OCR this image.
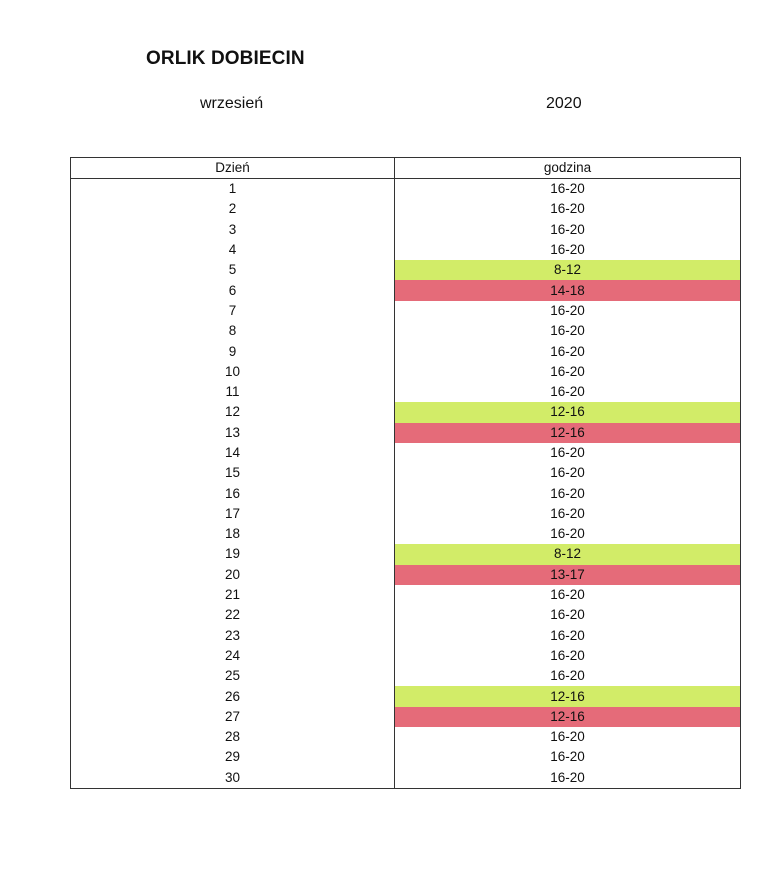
ORLIK DOBIECIN
wrzesień	2020
Dzień	godzina
1	16-20
2	16-20
3	16-20
4	16-20
5	8-12
6	14-18
7	16-20
8	16-20
9	16-20
10	16-20
11	16-20
12	12-16
13	12-16
14	16-20
15	16-20
16	16-20
17	16-20
18	16-20
19	8-12
20	13-17
21	16-20
22	16-20
23	16-20
24	16-20
25	16-20
26	12-16
27	12-16
28	16-20
29	16-20
30	16-20
